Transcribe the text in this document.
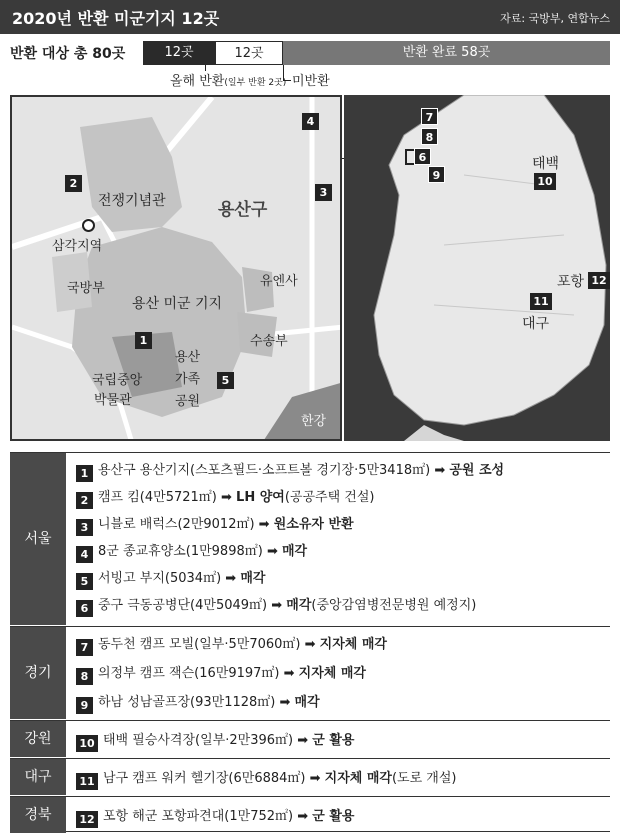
2020년 반환 미군기지 12곳	자료: 국방부, 연합뉴스
반환 대상 총 80곳	12곳	12곳	반환 완료 58곳
올해 반환(일부 반환 2곳) 미반환
전쟁기념관	용산구
삼각지역
국방부
용산 미군 기지
유엔사
수송부
국립중앙
박물관
용산
가족
공원
한강
1
2
3
4
5
7
8
6
9
태백
10
포항 12
11
대구
서울
1 용산구 용산기지(스포츠필드·소프트볼 경기장·5만3418㎡) ➡ 공원 조성
2 캠프 킴(4만5721㎡) ➡ LH 양여(공공주택 건설)
3 니블로 배럭스(2만9012㎡) ➡ 원소유자 반환
4 8군 종교휴양소(1만9898㎡) ➡ 매각
5 서빙고 부지(5034㎡) ➡ 매각
6 중구 극동공병단(4만5049㎡) ➡ 매각(중앙감염병전문병원 예정지)
경기
7 동두천 캠프 모빌(일부·5만7060㎡) ➡ 지자체 매각
8 의정부 캠프 잭슨(16만9197㎡) ➡ 지자체 매각
9 하남 성남골프장(93만1128㎡) ➡ 매각
강원	10 태백 필승사격장(일부·2만396㎡) ➡ 군 활용
대구	11 남구 캠프 워커 헬기장(6만6884㎡) ➡ 지자체 매각(도로 개설)
경북	12 포항 해군 포항파견대(1만752㎡) ➡ 군 활용
